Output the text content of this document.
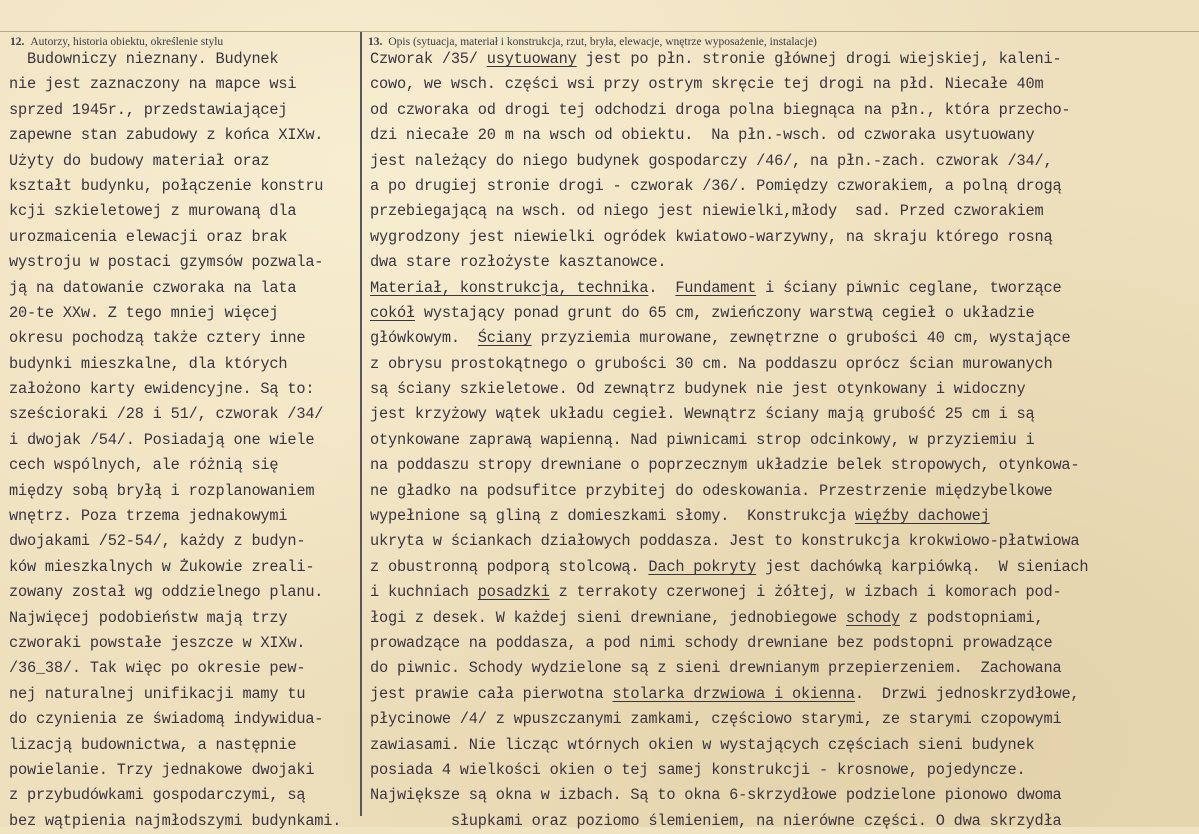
12. Autorzy, historia obiektu, określenie stylu	13. Opis (sytuacja, materiał i konstrukcja, rzut, bryła, elewacje, wnętrze wyposażenie, instalacje)
Budowniczy nieznany. Budynek
nie jest zaznaczony na mapce wsi
sprzed 1945r., przedstawiającej
zapewne stan zabudowy z końca XIXw.
Użyty do budowy materiał oraz
kształt budynku, połączenie konstru
kcji szkieletowej z murowaną dla
urozmaicenia elewacji oraz brak
wystroju w postaci gzymsów pozwala-
ją na datowanie czworaka na lata
20-te XXw. Z tego mniej więcej
okresu pochodzą także cztery inne
budynki mieszkalne, dla których
założono karty ewidencyjne. Są to:
sześcioraki /28 i 51/, czworak /34/
i dwojak /54/. Posiadają one wiele
cech wspólnych, ale różnią się
między sobą bryłą i rozplanowaniem
wnętrz. Poza trzema jednakowymi
dwojakami /52-54/, każdy z budyn-
ków mieszkalnych w Żukowie zreali-
zowany został wg oddzielnego planu.
Najwięcej podobieństw mają trzy
czworaki powstałe jeszcze w XIXw.
/36_38/. Tak więc po okresie pew-
nej naturalnej unifikacji mamy tu
do czynienia ze świadomą indywidua-
lizacją budownictwa, a następnie
powielanie. Trzy jednakowe dwojaki
z przybudówkami gospodarczymi, są
bez wątpienia najmłodszymi budynkami.
Czworak /35/ usytuowany jest po płn. stronie głównej drogi wiejskiej, kaleni-
cowo, we wsch. części wsi przy ostrym skręcie tej drogi na płd. Niecałe 40m
od czworaka od drogi tej odchodzi droga polna biegnąca na płn., która przecho-
dzi niecałe 20 m na wsch od obiektu.  Na płn.-wsch. od czworaka usytuowany
jest należący do niego budynek gospodarczy /46/, na płn.-zach. czworak /34/,
a po drugiej stronie drogi - czworak /36/. Pomiędzy czworakiem, a polną drogą
przebiegającą na wsch. od niego jest niewielki,młody  sad. Przed czworakiem
wygrodzony jest niewielki ogródek kwiatowo-warzywny, na skraju którego rosną
dwa stare rozłożyste kasztanowce.
Materiał, konstrukcja, technika.  Fundament i ściany piwnic ceglane, tworzące
cokół wystający ponad grunt do 65 cm, zwieńczony warstwą cegieł o układzie
główkowym.  Ściany przyziemia murowane, zewnętrzne o grubości 40 cm, wystające
z obrysu prostokątnego o grubości 30 cm. Na poddaszu oprócz ścian murowanych
są ściany szkieletowe. Od zewnątrz budynek nie jest otynkowany i widoczny
jest krzyżowy wątek układu cegieł. Wewnątrz ściany mają grubość 25 cm i są
otynkowane zaprawą wapienną. Nad piwnicami strop odcinkowy, w przyziemiu i
na poddaszu stropy drewniane o poprzecznym układzie belek stropowych, otynkowa-
ne gładko na podsufitce przybitej do odeskowania. Przestrzenie międzybelkowe
wypełnione są gliną z domieszkami słomy.  Konstrukcja więźby dachowej
ukryta w ściankach działowych poddasza. Jest to konstrukcja krokwiowo-płatwiowa
z obustronną podporą stolcową. Dach pokryty jest dachówką karpiówką.  W sieniach
i kuchniach posadzki z terrakoty czerwonej i żółtej, w izbach i komorach pod-
łogi z desek. W każdej sieni drewniane, jednobiegowe schody z podstopniami,
prowadzące na poddasza, a pod nimi schody drewniane bez podstopni prowadzące
do piwnic. Schody wydzielone są z sieni drewnianym przepierzeniem.  Zachowana
jest prawie cała pierwotna stolarka drzwiowa i okienna.  Drzwi jednoskrzydłowe,
płycinowe /4/ z wpuszczanymi zamkami, częściowo starymi, ze starymi czopowymi
zawiasami. Nie licząc wtórnych okien w wystających częściach sieni budynek
posiada 4 wielkości okien o tej samej konstrukcji - krosnowe, pojedyncze.
Największe są okna w izbach. Są to okna 6-skrzydłowe podzielone pionowo dwoma
słupkami oraz poziomo ślemieniem, na nierówne części. O dwa skrzydła
